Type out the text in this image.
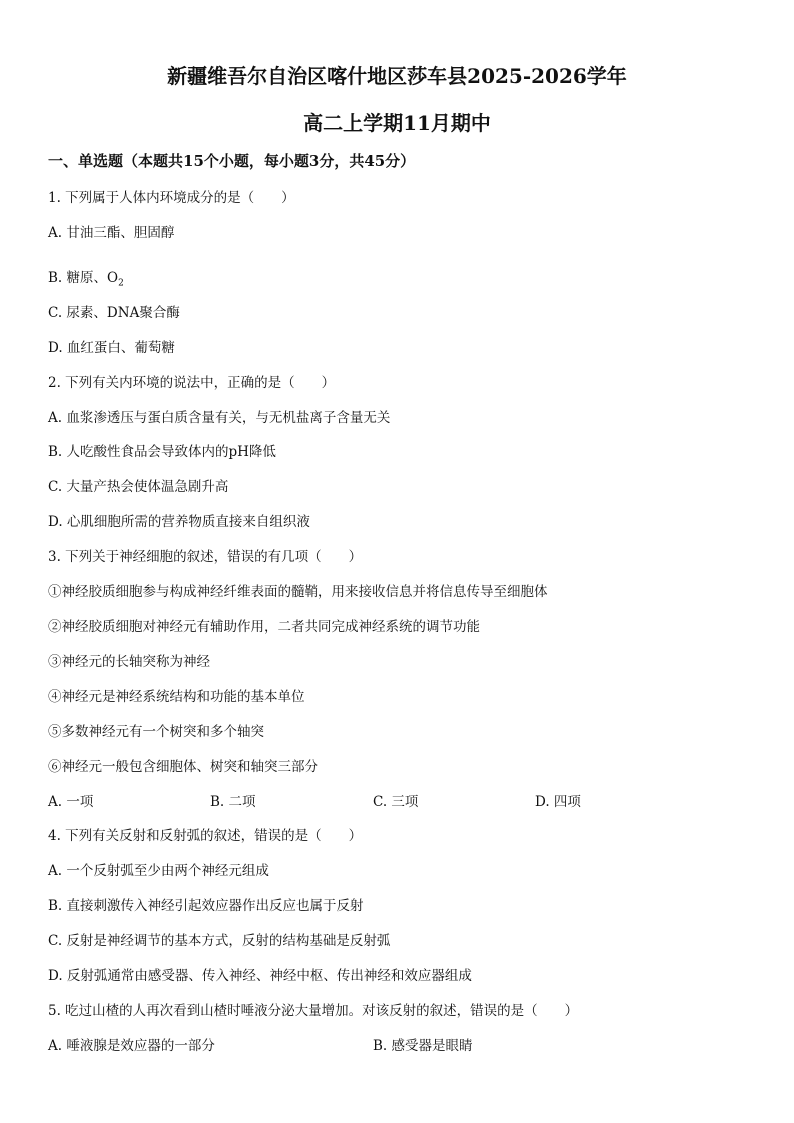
新疆维吾尔自治区喀什地区莎车县2025-2026学年
高二上学期11月期中
一、单选题（本题共15个小题，每小题3分，共45分）
1. 下列属于人体内环境成分的是（　　）
A. 甘油三酯、胆固醇
B. 糖原、$O_2$
C. 尿素、DNA聚合酶
D. 血红蛋白、葡萄糖
2. 下列有关内环境的说法中，正确的是（　　）
A. 血浆渗透压与蛋白质含量有关，与无机盐离子含量无关
B. 人吃酸性食品会导致体内的pH降低
C. 大量产热会使体温急剧升高
D. 心肌细胞所需的营养物质直接来自组织液
3. 下列关于神经细胞的叙述，错误的有几项（　　）
①神经胶质细胞参与构成神经纤维表面的髓鞘，用来接收信息并将信息传导至细胞体
②神经胶质细胞对神经元有辅助作用，二者共同完成神经系统的调节功能
③神经元的长轴突称为神经
④神经元是神经系统结构和功能的基本单位
⑤多数神经元有一个树突和多个轴突
⑥神经元一般包含细胞体、树突和轴突三部分
A. 一项	B. 二项	C. 三项	D. 四项
4. 下列有关反射和反射弧的叙述，错误的是（　　）
A. 一个反射弧至少由两个神经元组成
B. 直接刺激传入神经引起效应器作出反应也属于反射
C. 反射是神经调节的基本方式，反射的结构基础是反射弧
D. 反射弧通常由感受器、传入神经、神经中枢、传出神经和效应器组成
5. 吃过山楂的人再次看到山楂时唾液分泌大量增加。对该反射的叙述，错误的是（　　）
A. 唾液腺是效应器的一部分	B. 感受器是眼睛
